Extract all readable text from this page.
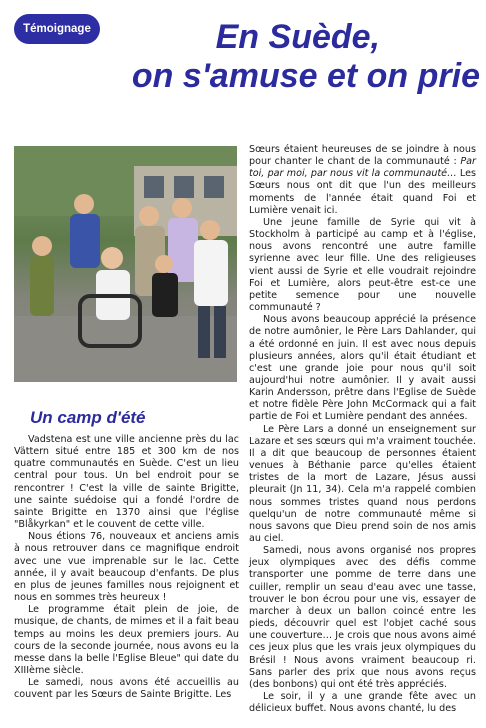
Témoignage	En Suède,
on s'amuse et on prie
Un camp d'été

Vadstena est une ville ancienne près du lac Vättern situé entre 185 et 300 km de nos quatre communautés en Suède. C'est un lieu central pour tous. Un bel endroit pour se rencontrer ! C'est la ville de sainte Brigitte, une sainte suédoise qui a fondé l'ordre de sainte Brigitte en 1370 ainsi que l'église "Blåkyrkan" et le couvent de cette ville.

Nous étions 76, nouveaux et anciens amis à nous retrouver dans ce magnifique endroit avec une vue imprenable sur le lac. Cette année, il y avait beaucoup d'enfants. De plus en plus de jeunes familles nous rejoignent et nous en sommes très heureux !

Le programme était plein de joie, de musique, de chants, de mimes et il a fait beau temps au moins les deux premiers jours. Au cours de la seconde journée, nous avons eu la messe dans la belle l'Eglise Bleue" qui date du XIIIème siècle.

Le samedi, nous avons été accueillis au couvent par les Sœurs de Sainte Brigitte. Les

Sœurs étaient heureuses de se joindre à nous pour chanter le chant de la communauté : Par toi, par moi, par nous vit la communauté… Les Sœurs nous ont dit que l'un des meilleurs moments de l'année était quand Foi et Lumière venait ici.

Une jeune famille de Syrie qui vit à Stockholm à participé au camp et à l'église, nous avons rencontré une autre famille syrienne avec leur fille. Une des religieuses vient aussi de Syrie et elle voudrait rejoindre Foi et Lumière, alors peut-être est-ce une petite semence pour une nouvelle communauté ?

Nous avons beaucoup apprécié la présence de notre aumônier, le Père Lars Dahlander, qui a été ordonné en juin. Il est avec nous depuis plusieurs années, alors qu'il était étudiant et c'est une grande joie pour nous qu'il soit aujourd'hui notre aumônier. Il y avait aussi Karin Andersson, prêtre dans l'Eglise de Suède et notre fidèle Père John McCormack qui a fait partie de Foi et Lumière pendant des années.

Le Père Lars a donné un enseignement sur Lazare et ses sœurs qui m'a vraiment touchée. Il a dit que beaucoup de personnes étaient venues à Béthanie parce qu'elles étaient tristes de la mort de Lazare, Jésus aussi pleurait (Jn 11, 34). Cela m'a rappelé combien nous sommes tristes quand nous perdons quelqu'un de notre communauté même si nous savons que Dieu prend soin de nos amis au ciel.

Samedi, nous avons organisé nos propres jeux olympiques avec des défis comme transporter une pomme de terre dans une cuiller, remplir un seau d'eau avec une tasse, trouver le bon écrou pour une vis, essayer de marcher à deux un ballon coincé entre les pieds, découvrir quel est l'objet caché sous une couverture… Je crois que nous avons aimé ces jeux plus que les vrais jeux olympiques du Brésil ! Nous avons vraiment beaucoup ri. Sans parler des prix que nous avons reçus (des bonbons) qui ont été très appréciés.

Le soir, il y a une grande fête avec un délicieux buffet. Nous avons chanté, lu des
